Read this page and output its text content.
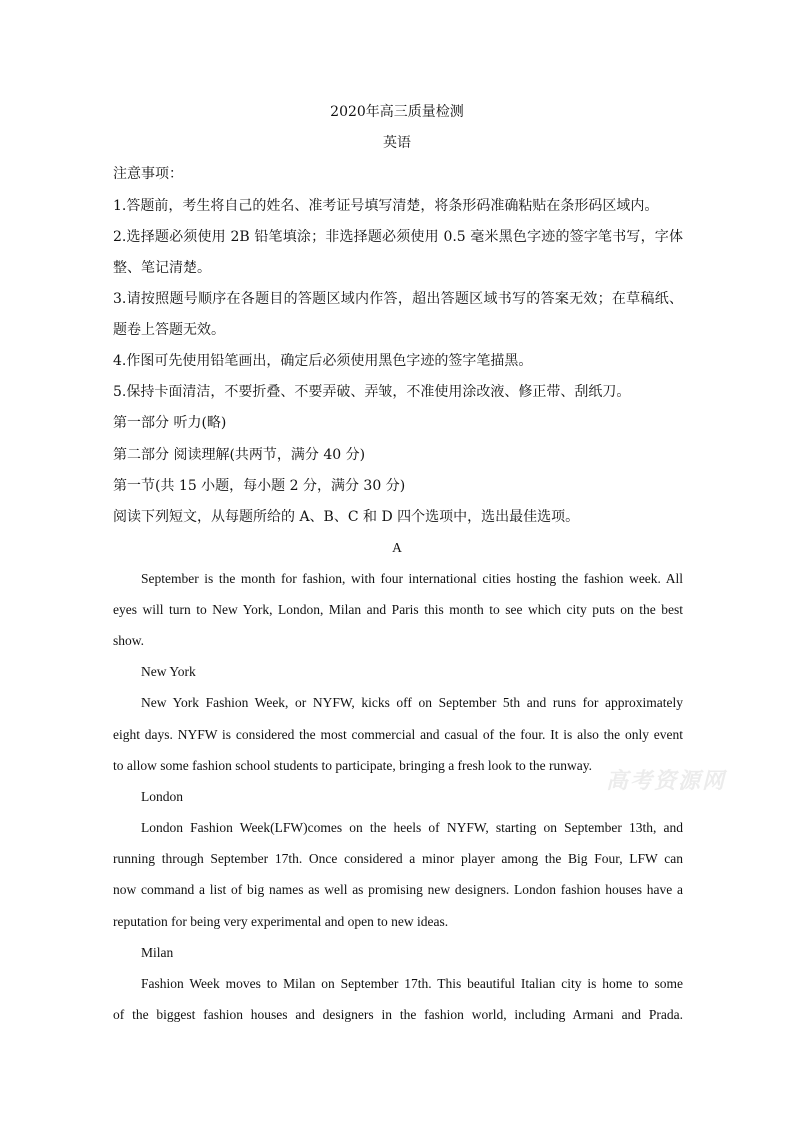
2020年高三质量检测
英语
注意事项：
1.答题前，考生将自己的姓名、准考证号填写清楚，将条形码准确粘贴在条形码区域内。
2.选择题必须使用 2B 铅笔填涂；非选择题必须使用 0.5 毫米黑色字迹的签字笔书写，字体
整、笔记清楚。
3.请按照题号顺序在各题目的答题区域内作答，超出答题区域书写的答案无效；在草稿纸、
题卷上答题无效。
4.作图可先使用铅笔画出，确定后必须使用黑色字迹的签字笔描黑。
5.保持卡面清洁，不要折叠、不要弄破、弄皱，不准使用涂改液、修正带、刮纸刀。
第一部分 听力(略)
第二部分 阅读理解(共两节，满分 40 分)
第一节(共 15 小题，每小题 2 分，满分 30 分)
阅读下列短文，从每题所给的 A、B、C 和 D 四个选项中，选出最佳选项。
A
September is the month for fashion, with four international cities hosting the fashion week. All
eyes will turn to New York, London, Milan and Paris this month to see which city puts on the best
show.
New York
New York Fashion Week, or NYFW, kicks off on September 5th and runs for approximately
eight days. NYFW is considered the most commercial and casual of the four. It is also the only event
to allow some fashion school students to participate, bringing a fresh look to the runway.
高考资源网
London
London Fashion Week(LFW)comes on the heels of NYFW, starting on September 13th, and
running through September 17th. Once considered a minor player among the Big Four, LFW can
now command a list of big names as well as promising new designers. London fashion houses have a
reputation for being very experimental and open to new ideas.
Milan
Fashion Week moves to Milan on September 17th. This beautiful Italian city is home to some
of the biggest fashion houses and designers in the fashion world, including Armani and Prada.
